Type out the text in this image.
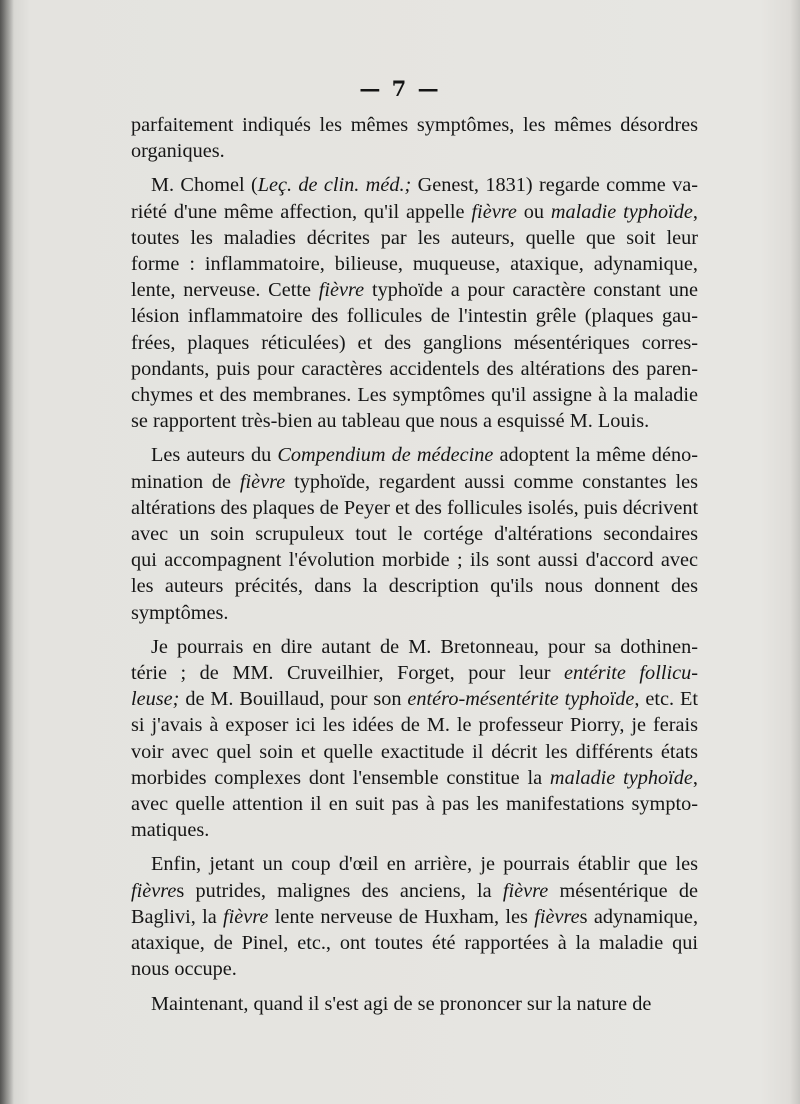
— 7 —

parfaitement indiqués les mêmes symptômes, les mêmes désordres
organiques.

M. Chomel (Leç. de clin. méd.; Genest, 1831) regarde comme va-
riété d'une même affection, qu'il appelle fièvre ou maladie typhoïde,
toutes les maladies décrites par les auteurs, quelle que soit leur
forme : inflammatoire, bilieuse, muqueuse, ataxique, adynamique,
lente, nerveuse. Cette fièvre typhoïde a pour caractère constant une
lésion inflammatoire des follicules de l'intestin grêle (plaques gau-
frées, plaques réticulées) et des ganglions mésentériques corres-
pondants, puis pour caractères accidentels des altérations des paren-
chymes et des membranes. Les symptômes qu'il assigne à la maladie
se rapportent très-bien au tableau que nous a esquissé M. Louis.

Les auteurs du Compendium de médecine adoptent la même déno-
mination de fièvre typhoïde, regardent aussi comme constantes les
altérations des plaques de Peyer et des follicules isolés, puis décrivent
avec un soin scrupuleux tout le cortége d'altérations secondaires
qui accompagnent l'évolution morbide ; ils sont aussi d'accord avec
les auteurs précités, dans la description qu'ils nous donnent des
symptômes.

Je pourrais en dire autant de M. Bretonneau, pour sa dothinen-
térie ; de MM. Cruveilhier, Forget, pour leur entérite follicu-
leuse; de M. Bouillaud, pour son entéro-mésentérite typhoïde, etc. Et
si j'avais à exposer ici les idées de M. le professeur Piorry, je ferais
voir avec quel soin et quelle exactitude il décrit les différents états
morbides complexes dont l'ensemble constitue la maladie typhoïde,
avec quelle attention il en suit pas à pas les manifestations sympto-
matiques.

Enfin, jetant un coup d'œil en arrière, je pourrais établir que les
fièvres putrides, malignes des anciens, la fièvre mésentérique de
Baglivi, la fièvre lente nerveuse de Huxham, les fièvres adynamique,
ataxique, de Pinel, etc., ont toutes été rapportées à la maladie qui
nous occupe.

Maintenant, quand il s'est agi de se prononcer sur la nature de
